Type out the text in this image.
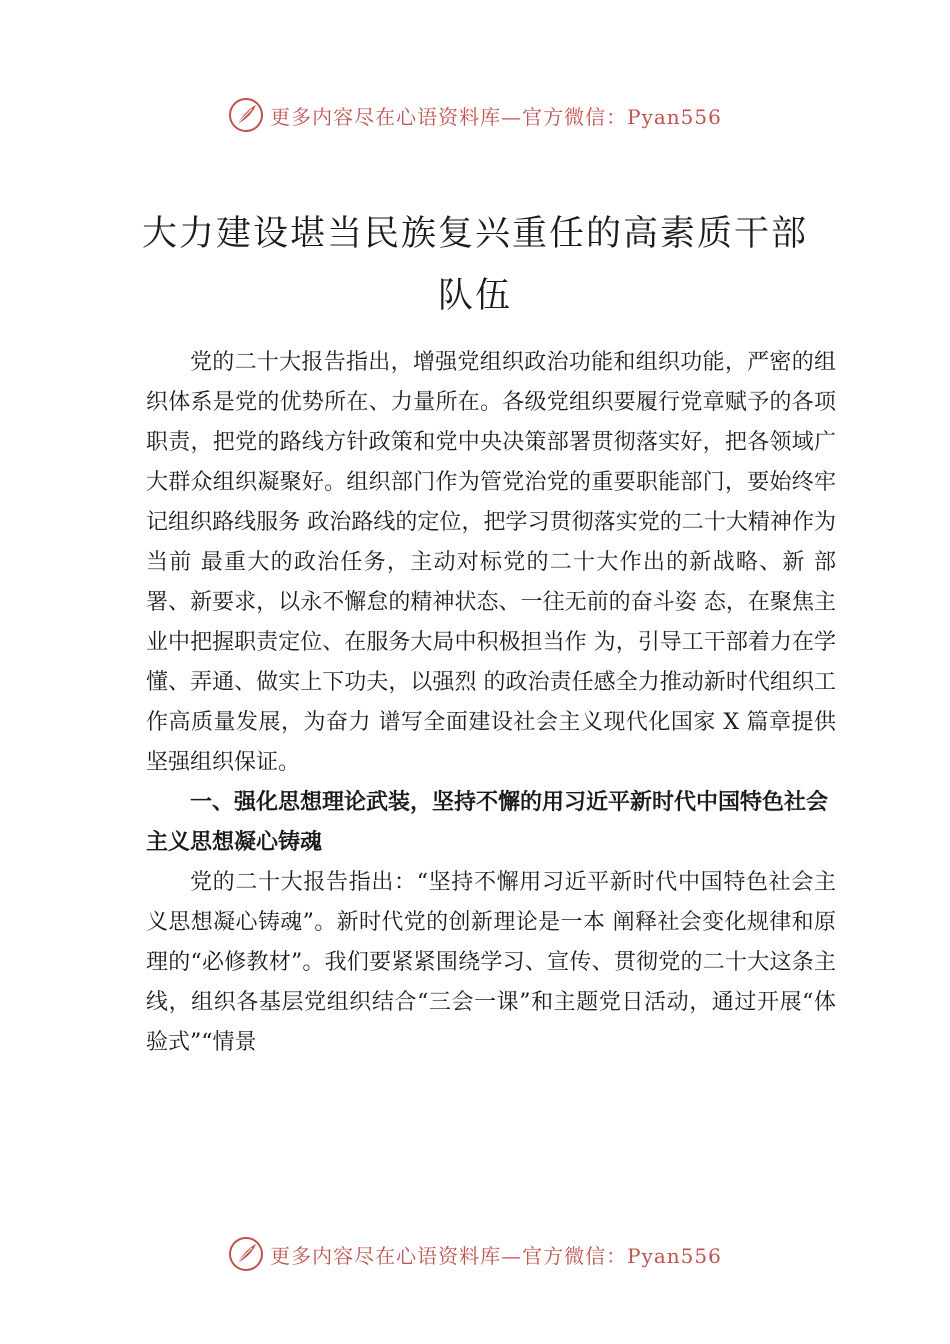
更多内容尽在心语资料库—官方微信：Pyan556
大力建设堪当民族复兴重任的高素质干部
队伍

党的二十大报告指出，增强党组织政治功能和组织功能，严密的组织体系是党的优势所在、力量所在。各级党组织要履行党章赋予的各项职责，把党的路线方针政策和党中央决策部署贯彻落实好，把各领域广大群众组织凝聚好。组织部门作为管党治党的重要职能部门，要始终牢记组织路线服务 政治路线的定位，把学习贯彻落实党的二十大精神作为当前 最重大的政治任务，主动对标党的二十大作出的新战略、新 部署、新要求，以永不懈怠的精神状态、一往无前的奋斗姿 态，在聚焦主业中把握职责定位、在服务大局中积极担当作 为，引导工干部着力在学懂、弄通、做实上下功夫，以强烈 的政治责任感全力推动新时代组织工作高质量发展，为奋力 谱写全面建设社会主义现代化国家 X 篇章提供坚强组织保证。

一、强化思想理论武装，坚持不懈的用习近平新时代中国特色社会主义思想凝心铸魂

党的二十大报告指出：“坚持不懈用习近平新时代中国特色社会主义思想凝心铸魂”。新时代党的创新理论是一本 阐释社会变化规律和原理的“必修教材”。我们要紧紧围绕学习、宣传、贯彻党的二十大这条主线，组织各基层党组织结合“三会一课”和主题党日活动，通过开展“体验式”“情景

更多内容尽在心语资料库—官方微信：Pyan556
